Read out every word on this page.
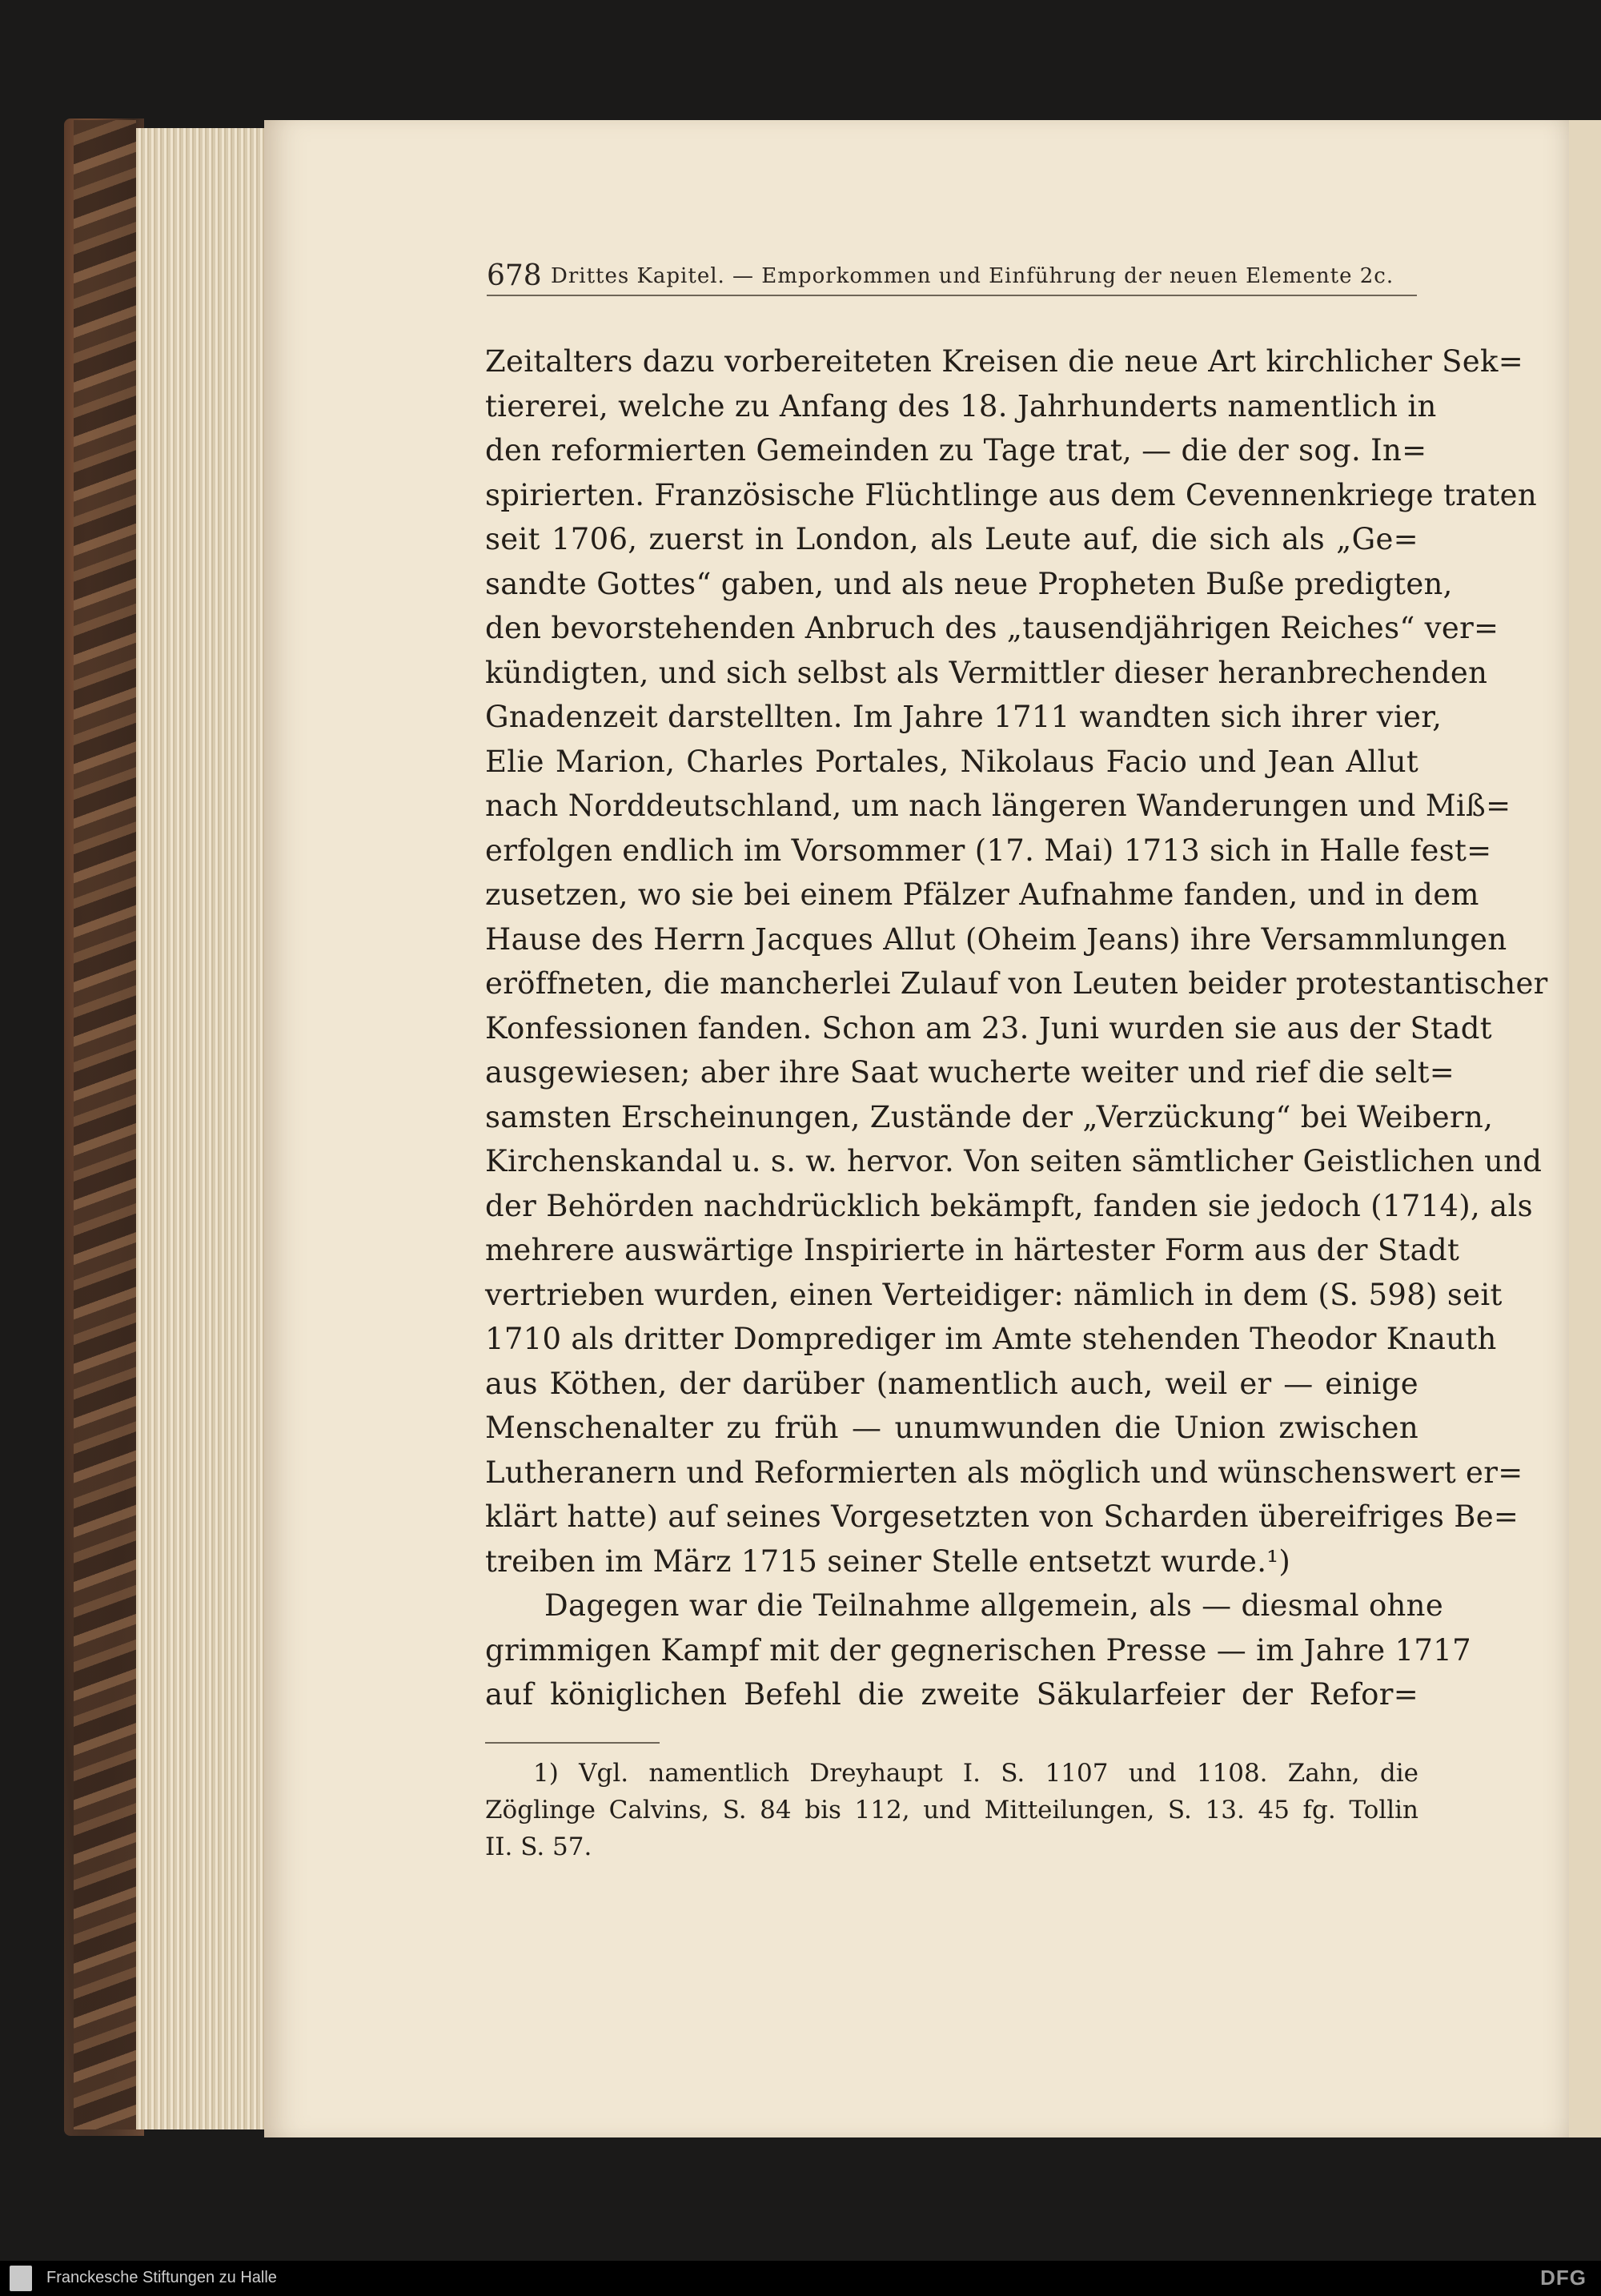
678 Drittes Kapitel. — Emporkommen und Einführung der neuen Elemente 2c.
Zeitalters dazu vorbereiteten Kreisen die neue Art kirchlicher Sek=
tiererei, welche zu Anfang des 18. Jahrhunderts namentlich in
den reformierten Gemeinden zu Tage trat, — die der sog. In=
spirierten. Französische Flüchtlinge aus dem Cevennenkriege traten
seit 1706, zuerst in London, als Leute auf, die sich als „Ge=
sandte Gottes“ gaben, und als neue Propheten Buße predigten,
den bevorstehenden Anbruch des „tausendjährigen Reiches“ ver=
kündigten, und sich selbst als Vermittler dieser heranbrechenden
Gnadenzeit darstellten. Im Jahre 1711 wandten sich ihrer vier,
Elie Marion, Charles Portales, Nikolaus Facio und Jean Allut
nach Norddeutschland, um nach längeren Wanderungen und Miß=
erfolgen endlich im Vorsommer (17. Mai) 1713 sich in Halle fest=
zusetzen, wo sie bei einem Pfälzer Aufnahme fanden, und in dem
Hause des Herrn Jacques Allut (Oheim Jeans) ihre Versammlungen
eröffneten, die mancherlei Zulauf von Leuten beider protestantischer
Konfessionen fanden. Schon am 23. Juni wurden sie aus der Stadt
ausgewiesen; aber ihre Saat wucherte weiter und rief die selt=
samsten Erscheinungen, Zustände der „Verzückung“ bei Weibern,
Kirchenskandal u. s. w. hervor. Von seiten sämtlicher Geistlichen und
der Behörden nachdrücklich bekämpft, fanden sie jedoch (1714), als
mehrere auswärtige Inspirierte in härtester Form aus der Stadt
vertrieben wurden, einen Verteidiger: nämlich in dem (S. 598) seit
1710 als dritter Domprediger im Amte stehenden Theodor Knauth
aus Köthen, der darüber (namentlich auch, weil er — einige
Menschenalter zu früh — unumwunden die Union zwischen
Lutheranern und Reformierten als möglich und wünschenswert er=
klärt hatte) auf seines Vorgesetzten von Scharden übereifriges Be=
treiben im März 1715 seiner Stelle entsetzt wurde.¹)
Dagegen war die Teilnahme allgemein, als — diesmal ohne
grimmigen Kampf mit der gegnerischen Presse — im Jahre 1717
auf königlichen Befehl die zweite Säkularfeier der Refor=
1) Vgl. namentlich Dreyhaupt I. S. 1107 und 1108. Zahn, die
Zöglinge Calvins, S. 84 bis 112, und Mitteilungen, S. 13. 45 fg. Tollin
II. S. 57.
Franckesche Stiftungen zu Halle	DFG
